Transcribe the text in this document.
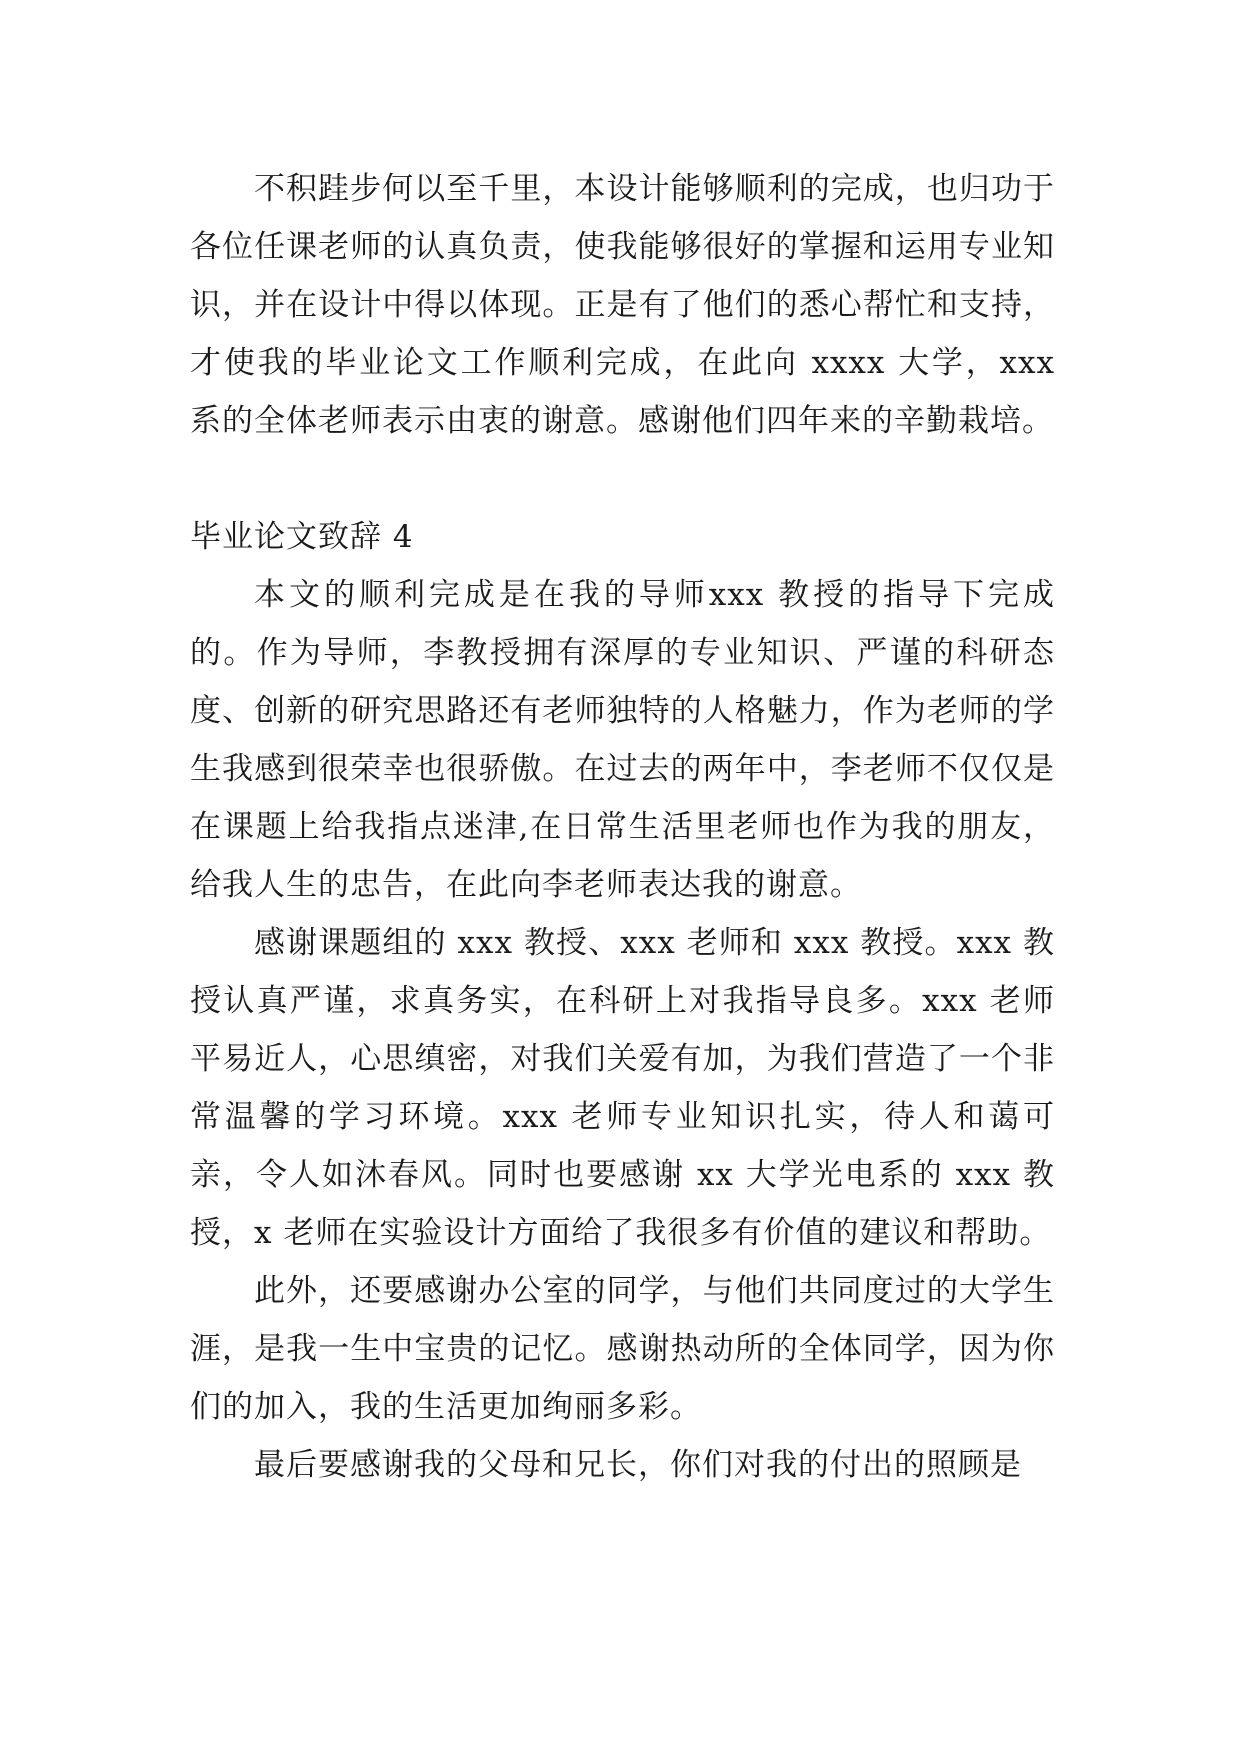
不积跬步何以至千里，本设计能够顺利的完成，也归功于各位任课老师的认真负责，使我能够很好的掌握和运用专业知识，并在设计中得以体现。正是有了他们的悉心帮忙和支持，才使我的毕业论文工作顺利完成，在此向 xxxx 大学，xxx 系的全体老师表示由衷的谢意。感谢他们四年来的辛勤栽培。

毕业论文致辞 4

本文的顺利完成是在我的导师xxx 教授的指导下完成的。作为导师，李教授拥有深厚的专业知识、严谨的科研态度、创新的研究思路还有老师独特的人格魅力，作为老师的学生我感到很荣幸也很骄傲。在过去的两年中，李老师不仅仅是在课题上给我指点迷津,在日常生活里老师也作为我的朋友，给我人生的忠告，在此向李老师表达我的谢意。

感谢课题组的 xxx 教授、xxx 老师和 xxx 教授。xxx 教授认真严谨，求真务实，在科研上对我指导良多。xxx 老师平易近人，心思缜密，对我们关爱有加，为我们营造了一个非常温馨的学习环境。xxx 老师专业知识扎实，待人和蔼可亲，令人如沐春风。同时也要感谢 xx 大学光电系的 xxx 教授，x 老师在实验设计方面给了我很多有价值的建议和帮助。

此外，还要感谢办公室的同学，与他们共同度过的大学生涯，是我一生中宝贵的记忆。感谢热动所的全体同学，因为你们的加入，我的生活更加绚丽多彩。

最后要感谢我的父母和兄长，你们对我的付出的照顾是
